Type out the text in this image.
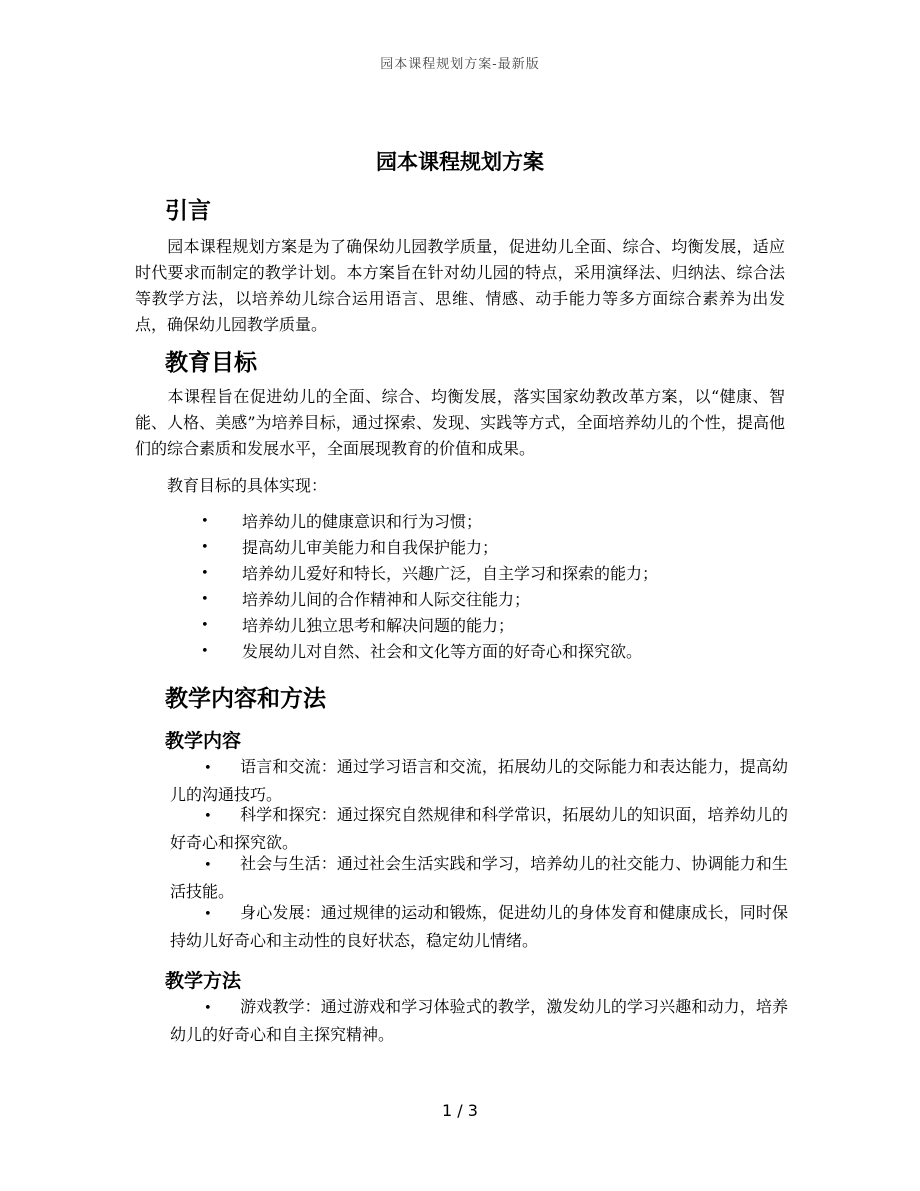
园本课程规划方案-最新版
园本课程规划方案
引言
园本课程规划方案是为了确保幼儿园教学质量，促进幼儿全面、综合、均衡发展，适应时代要求而制定的教学计划。本方案旨在针对幼儿园的特点，采用演绎法、归纳法、综合法等教学方法，以培养幼儿综合运用语言、思维、情感、动手能力等多方面综合素养为出发点，确保幼儿园教学质量。
教育目标
本课程旨在促进幼儿的全面、综合、均衡发展，落实国家幼教改革方案，以“健康、智能、人格、美感”为培养目标，通过探索、发现、实践等方式，全面培养幼儿的个性，提高他们的综合素质和发展水平，全面展现教育的价值和成果。
教育目标的具体实现：
• 培养幼儿的健康意识和行为习惯；
• 提高幼儿审美能力和自我保护能力；
• 培养幼儿爱好和特长，兴趣广泛，自主学习和探索的能力；
• 培养幼儿间的合作精神和人际交往能力；
• 培养幼儿独立思考和解决问题的能力；
• 发展幼儿对自然、社会和文化等方面的好奇心和探究欲。
教学内容和方法
教学内容
• 语言和交流：通过学习语言和交流，拓展幼儿的交际能力和表达能力，提高幼儿的沟通技巧。
• 科学和探究：通过探究自然规律和科学常识，拓展幼儿的知识面，培养幼儿的好奇心和探究欲。
• 社会与生活：通过社会生活实践和学习，培养幼儿的社交能力、协调能力和生活技能。
• 身心发展：通过规律的运动和锻炼，促进幼儿的身体发育和健康成长，同时保持幼儿好奇心和主动性的良好状态，稳定幼儿情绪。
教学方法
• 游戏教学：通过游戏和学习体验式的教学，激发幼儿的学习兴趣和动力，培养幼儿的好奇心和自主探究精神。
1 / 3
